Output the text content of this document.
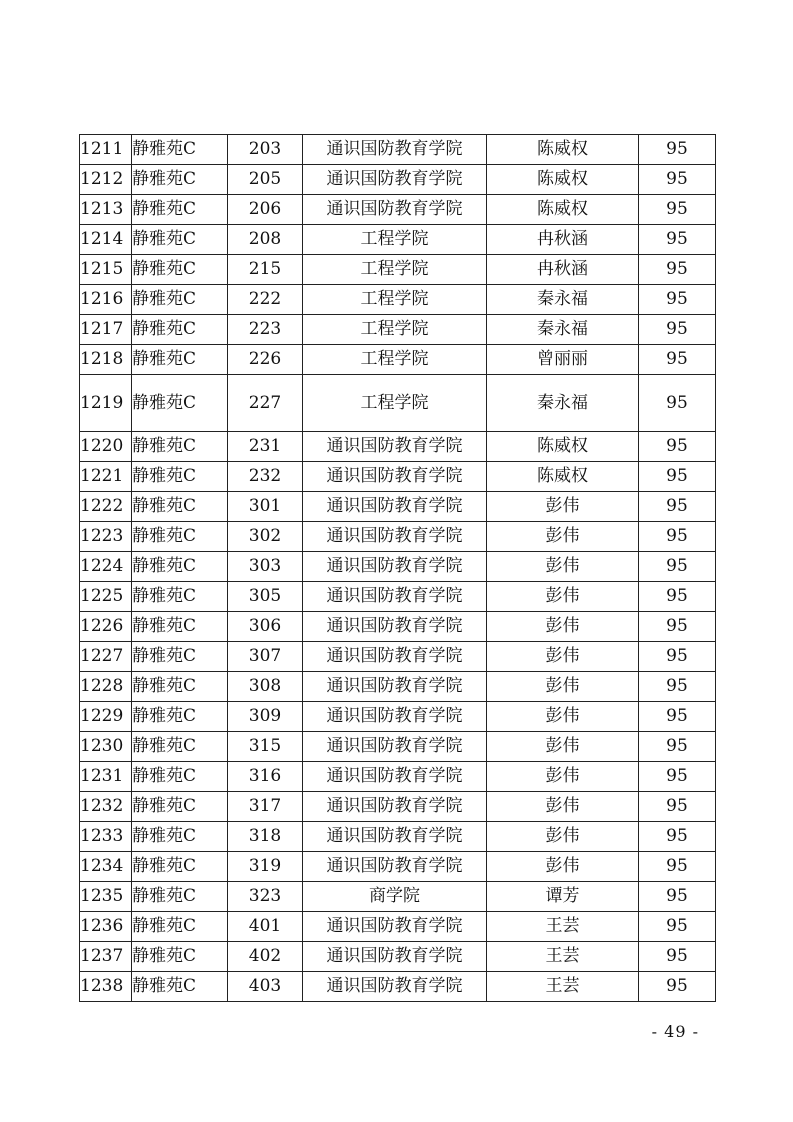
1211	静雅苑C	203	通识国防教育学院	陈威权	95
1212	静雅苑C	205	通识国防教育学院	陈威权	95
1213	静雅苑C	206	通识国防教育学院	陈威权	95
1214	静雅苑C	208	工程学院	冉秋涵	95
1215	静雅苑C	215	工程学院	冉秋涵	95
1216	静雅苑C	222	工程学院	秦永福	95
1217	静雅苑C	223	工程学院	秦永福	95
1218	静雅苑C	226	工程学院	曾丽丽	95
1219	静雅苑C	227	工程学院	秦永福	95
1220	静雅苑C	231	通识国防教育学院	陈威权	95
1221	静雅苑C	232	通识国防教育学院	陈威权	95
1222	静雅苑C	301	通识国防教育学院	彭伟	95
1223	静雅苑C	302	通识国防教育学院	彭伟	95
1224	静雅苑C	303	通识国防教育学院	彭伟	95
1225	静雅苑C	305	通识国防教育学院	彭伟	95
1226	静雅苑C	306	通识国防教育学院	彭伟	95
1227	静雅苑C	307	通识国防教育学院	彭伟	95
1228	静雅苑C	308	通识国防教育学院	彭伟	95
1229	静雅苑C	309	通识国防教育学院	彭伟	95
1230	静雅苑C	315	通识国防教育学院	彭伟	95
1231	静雅苑C	316	通识国防教育学院	彭伟	95
1232	静雅苑C	317	通识国防教育学院	彭伟	95
1233	静雅苑C	318	通识国防教育学院	彭伟	95
1234	静雅苑C	319	通识国防教育学院	彭伟	95
1235	静雅苑C	323	商学院	谭芳	95
1236	静雅苑C	401	通识国防教育学院	王芸	95
1237	静雅苑C	402	通识国防教育学院	王芸	95
1238	静雅苑C	403	通识国防教育学院	王芸	95
- 49 -
